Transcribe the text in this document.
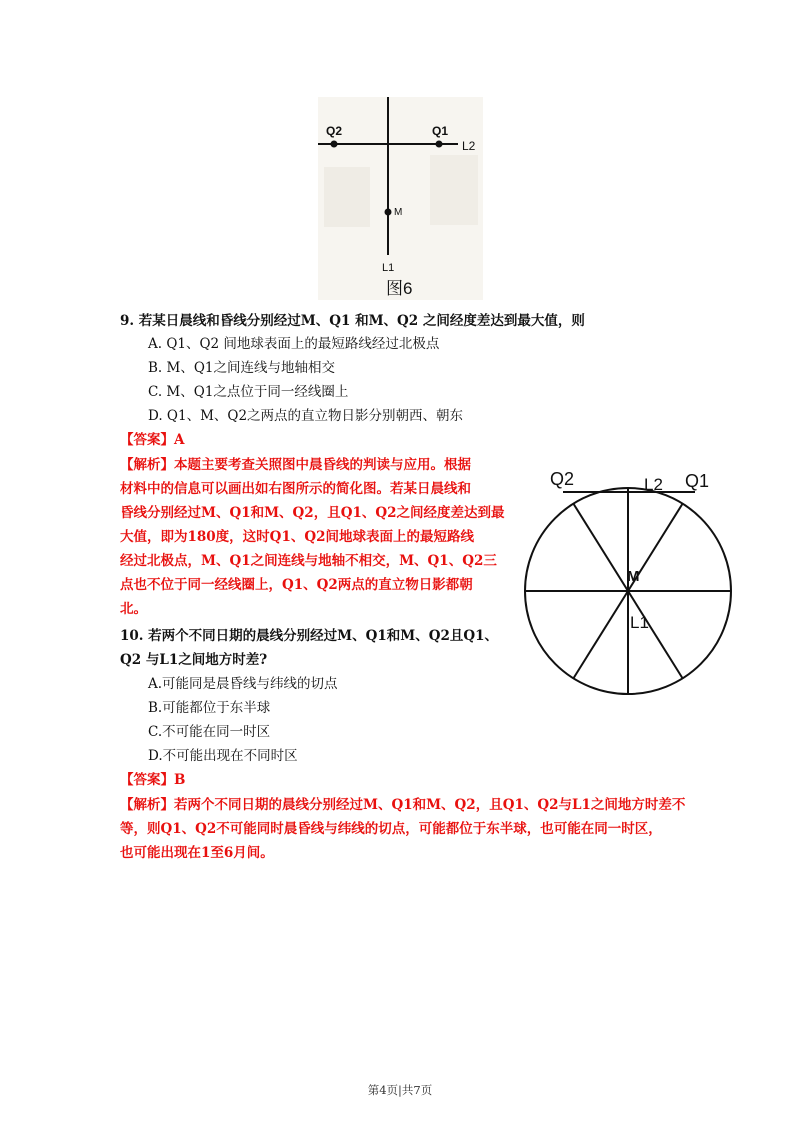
Q2	Q1
L2
M
L1
图6
9. 若某日晨线和昏线分别经过M、Q1 和M、Q2 之间经度差达到最大值，则
A. Q1、Q2 间地球表面上的最短路线经过北极点
B. M、Q1之间连线与地轴相交
C. M、Q1之点位于同一经线圈上
D. Q1、M、Q2之两点的直立物日影分别朝西、朝东
【答案】A
【解析】本题主要考查关照图中晨昏线的判读与应用。根据
材料中的信息可以画出如右图所示的简化图。若某日晨线和
昏线分别经过M、Q1和M、Q2，且Q1、Q2之间经度差达到最
大值，即为180度，这时Q1、Q2间地球表面上的最短路线
经过北极点，M、Q1之间连线与地轴不相交，M、Q1、Q2三
点也不位于同一经线圈上，Q1、Q2两点的直立物日影都朝
北。
Q2	L2 Q1
M
L1
10. 若两个不同日期的晨线分别经过M、Q1和M、Q2且Q1、
Q2 与L1之间地方时差?
A.可能同是晨昏线与纬线的切点
B.可能都位于东半球
C.不可能在同一时区
D.不可能出现在不同时区
【答案】B
【解析】若两个不同日期的晨线分别经过M、Q1和M、Q2，且Q1、Q2与L1之间地方时差不
等，则Q1、Q2不可能同时晨昏线与纬线的切点，可能都位于东半球，也可能在同一时区，
也可能出现在1至6月间。
第4页|共7页
